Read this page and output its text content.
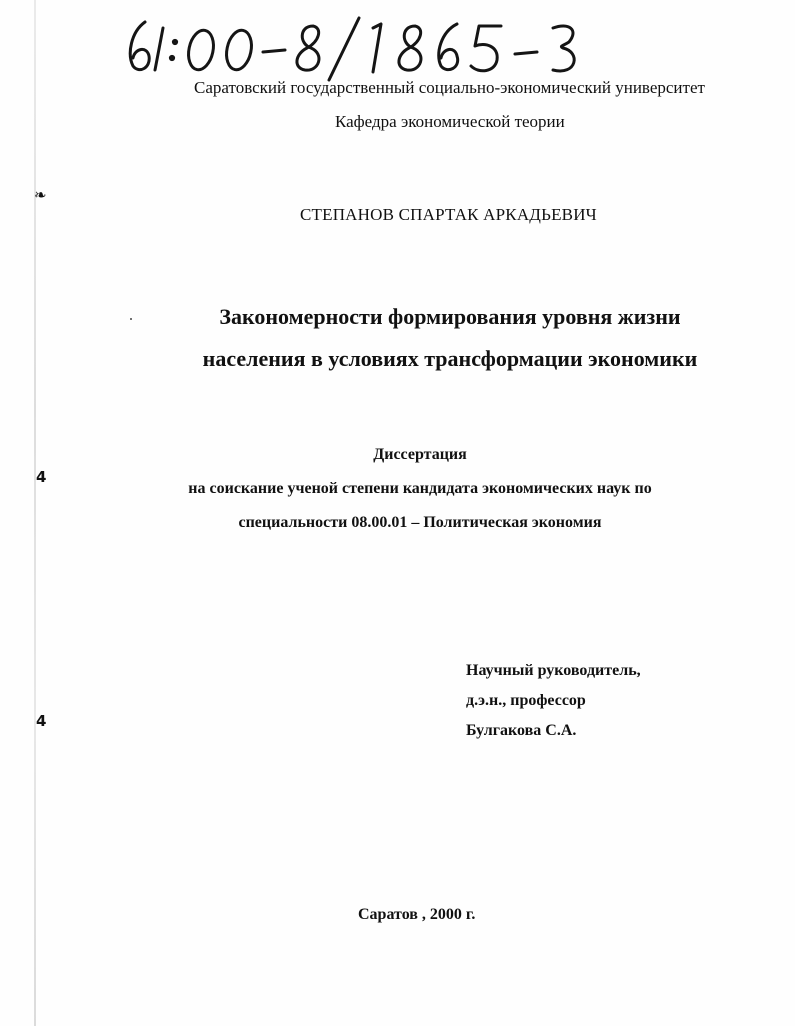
❧
4
4
Саратовский государственный социально-экономический университет
Кафедра экономической теории
СТЕПАНОВ СПАРТАК АРКАДЬЕВИЧ
Закономерности формирования уровня жизни
населения в условиях трансформации экономики
Диссертация
на соискание ученой степени кандидата экономических наук по
специальности 08.00.01 – Политическая экономия
Научный руководитель,
д.э.н., профессор
Булгакова С.А.
Саратов , 2000 г.
